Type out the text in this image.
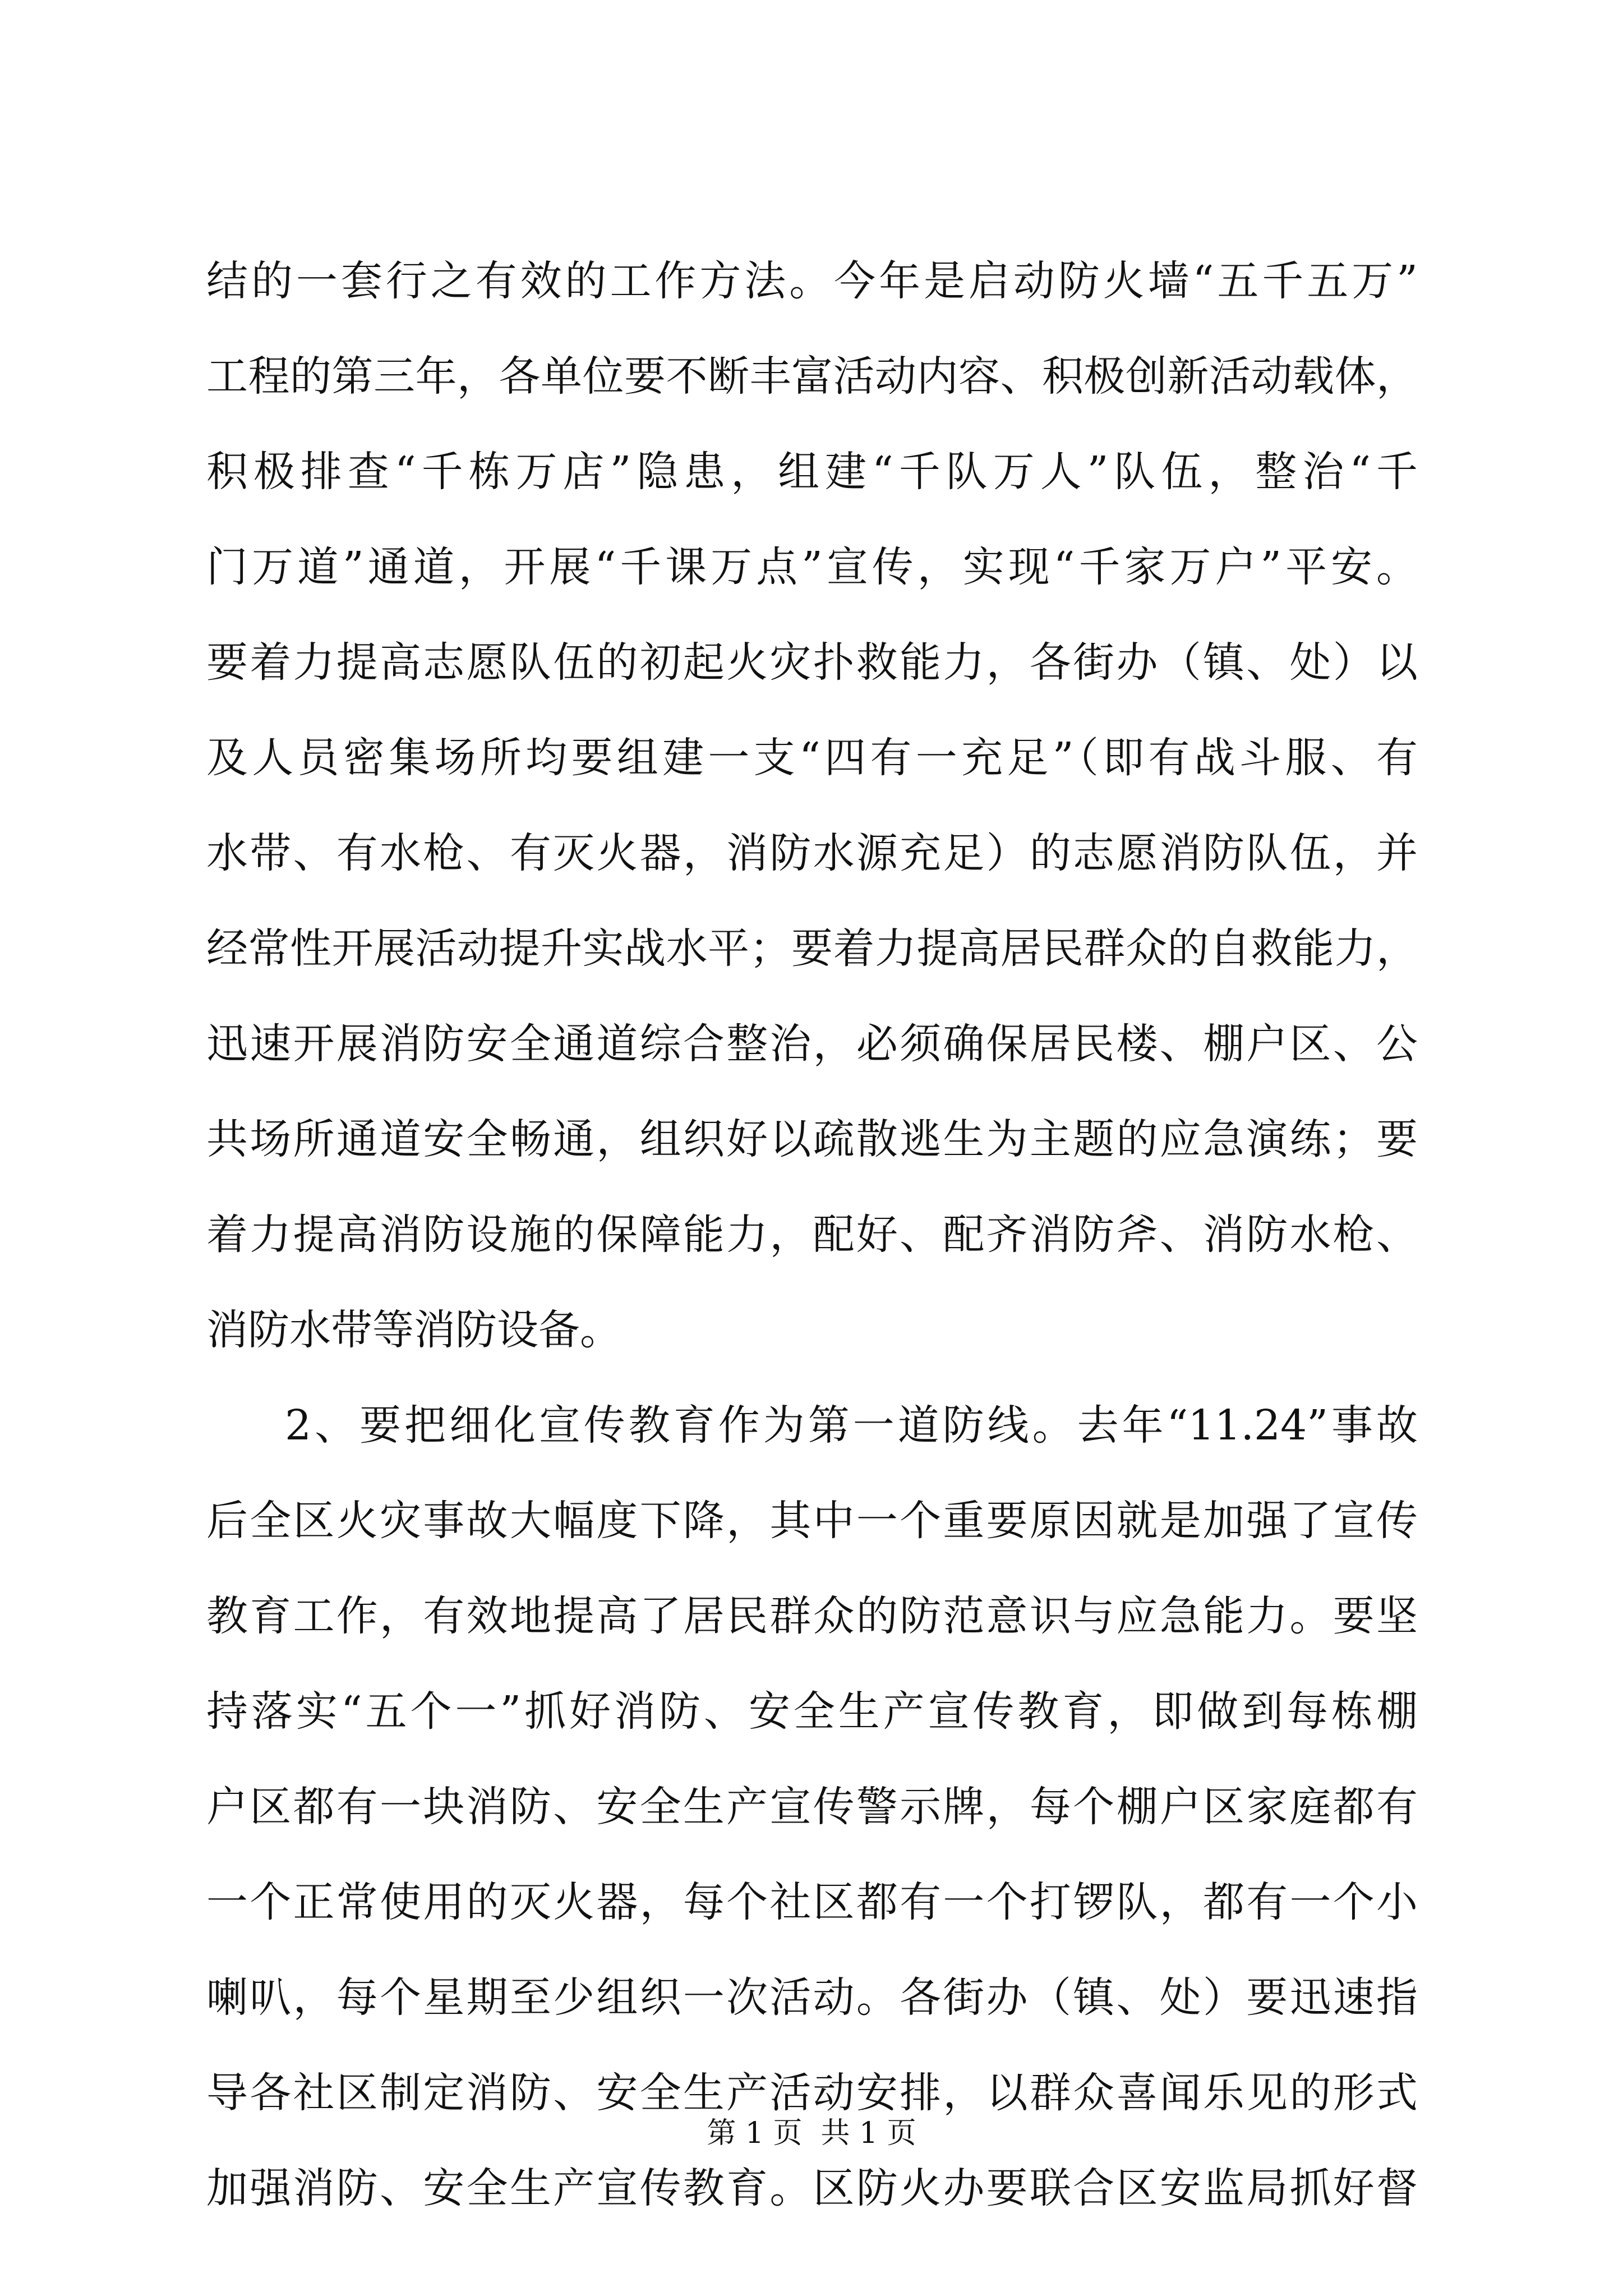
结的一套行之有效的工作方法。今年是启动防火墙“五千五万”
工程的第三年，各单位要不断丰富活动内容、积极创新活动载体，
积极排查“千栋万店”隐患，组建“千队万人”队伍，整治“千
门万道”通道，开展“千课万点”宣传，实现“千家万户”平安。
要着力提高志愿队伍的初起火灾扑救能力，各街办（镇、处）以
及人员密集场所均要组建一支“四有一充足”（即有战斗服、有
水带、有水枪、有灭火器，消防水源充足）的志愿消防队伍，并
经常性开展活动提升实战水平；要着力提高居民群众的自救能力，
迅速开展消防安全通道综合整治，必须确保居民楼、棚户区、公
共场所通道安全畅通，组织好以疏散逃生为主题的应急演练；要
着力提高消防设施的保障能力，配好、配齐消防斧、消防水枪、
消防水带等消防设备。
2、要把细化宣传教育作为第一道防线。去年“11.24”事故
后全区火灾事故大幅度下降，其中一个重要原因就是加强了宣传
教育工作，有效地提高了居民群众的防范意识与应急能力。要坚
持落实“五个一”抓好消防、安全生产宣传教育，即做到每栋棚
户区都有一块消防、安全生产宣传警示牌，每个棚户区家庭都有
一个正常使用的灭火器，每个社区都有一个打锣队，都有一个小
喇叭，每个星期至少组织一次活动。各街办（镇、处）要迅速指
导各社区制定消防、安全生产活动安排，以群众喜闻乐见的形式
加强消防、安全生产宣传教育。区防火办要联合区安监局抓好督
第 1 页  共 1 页
